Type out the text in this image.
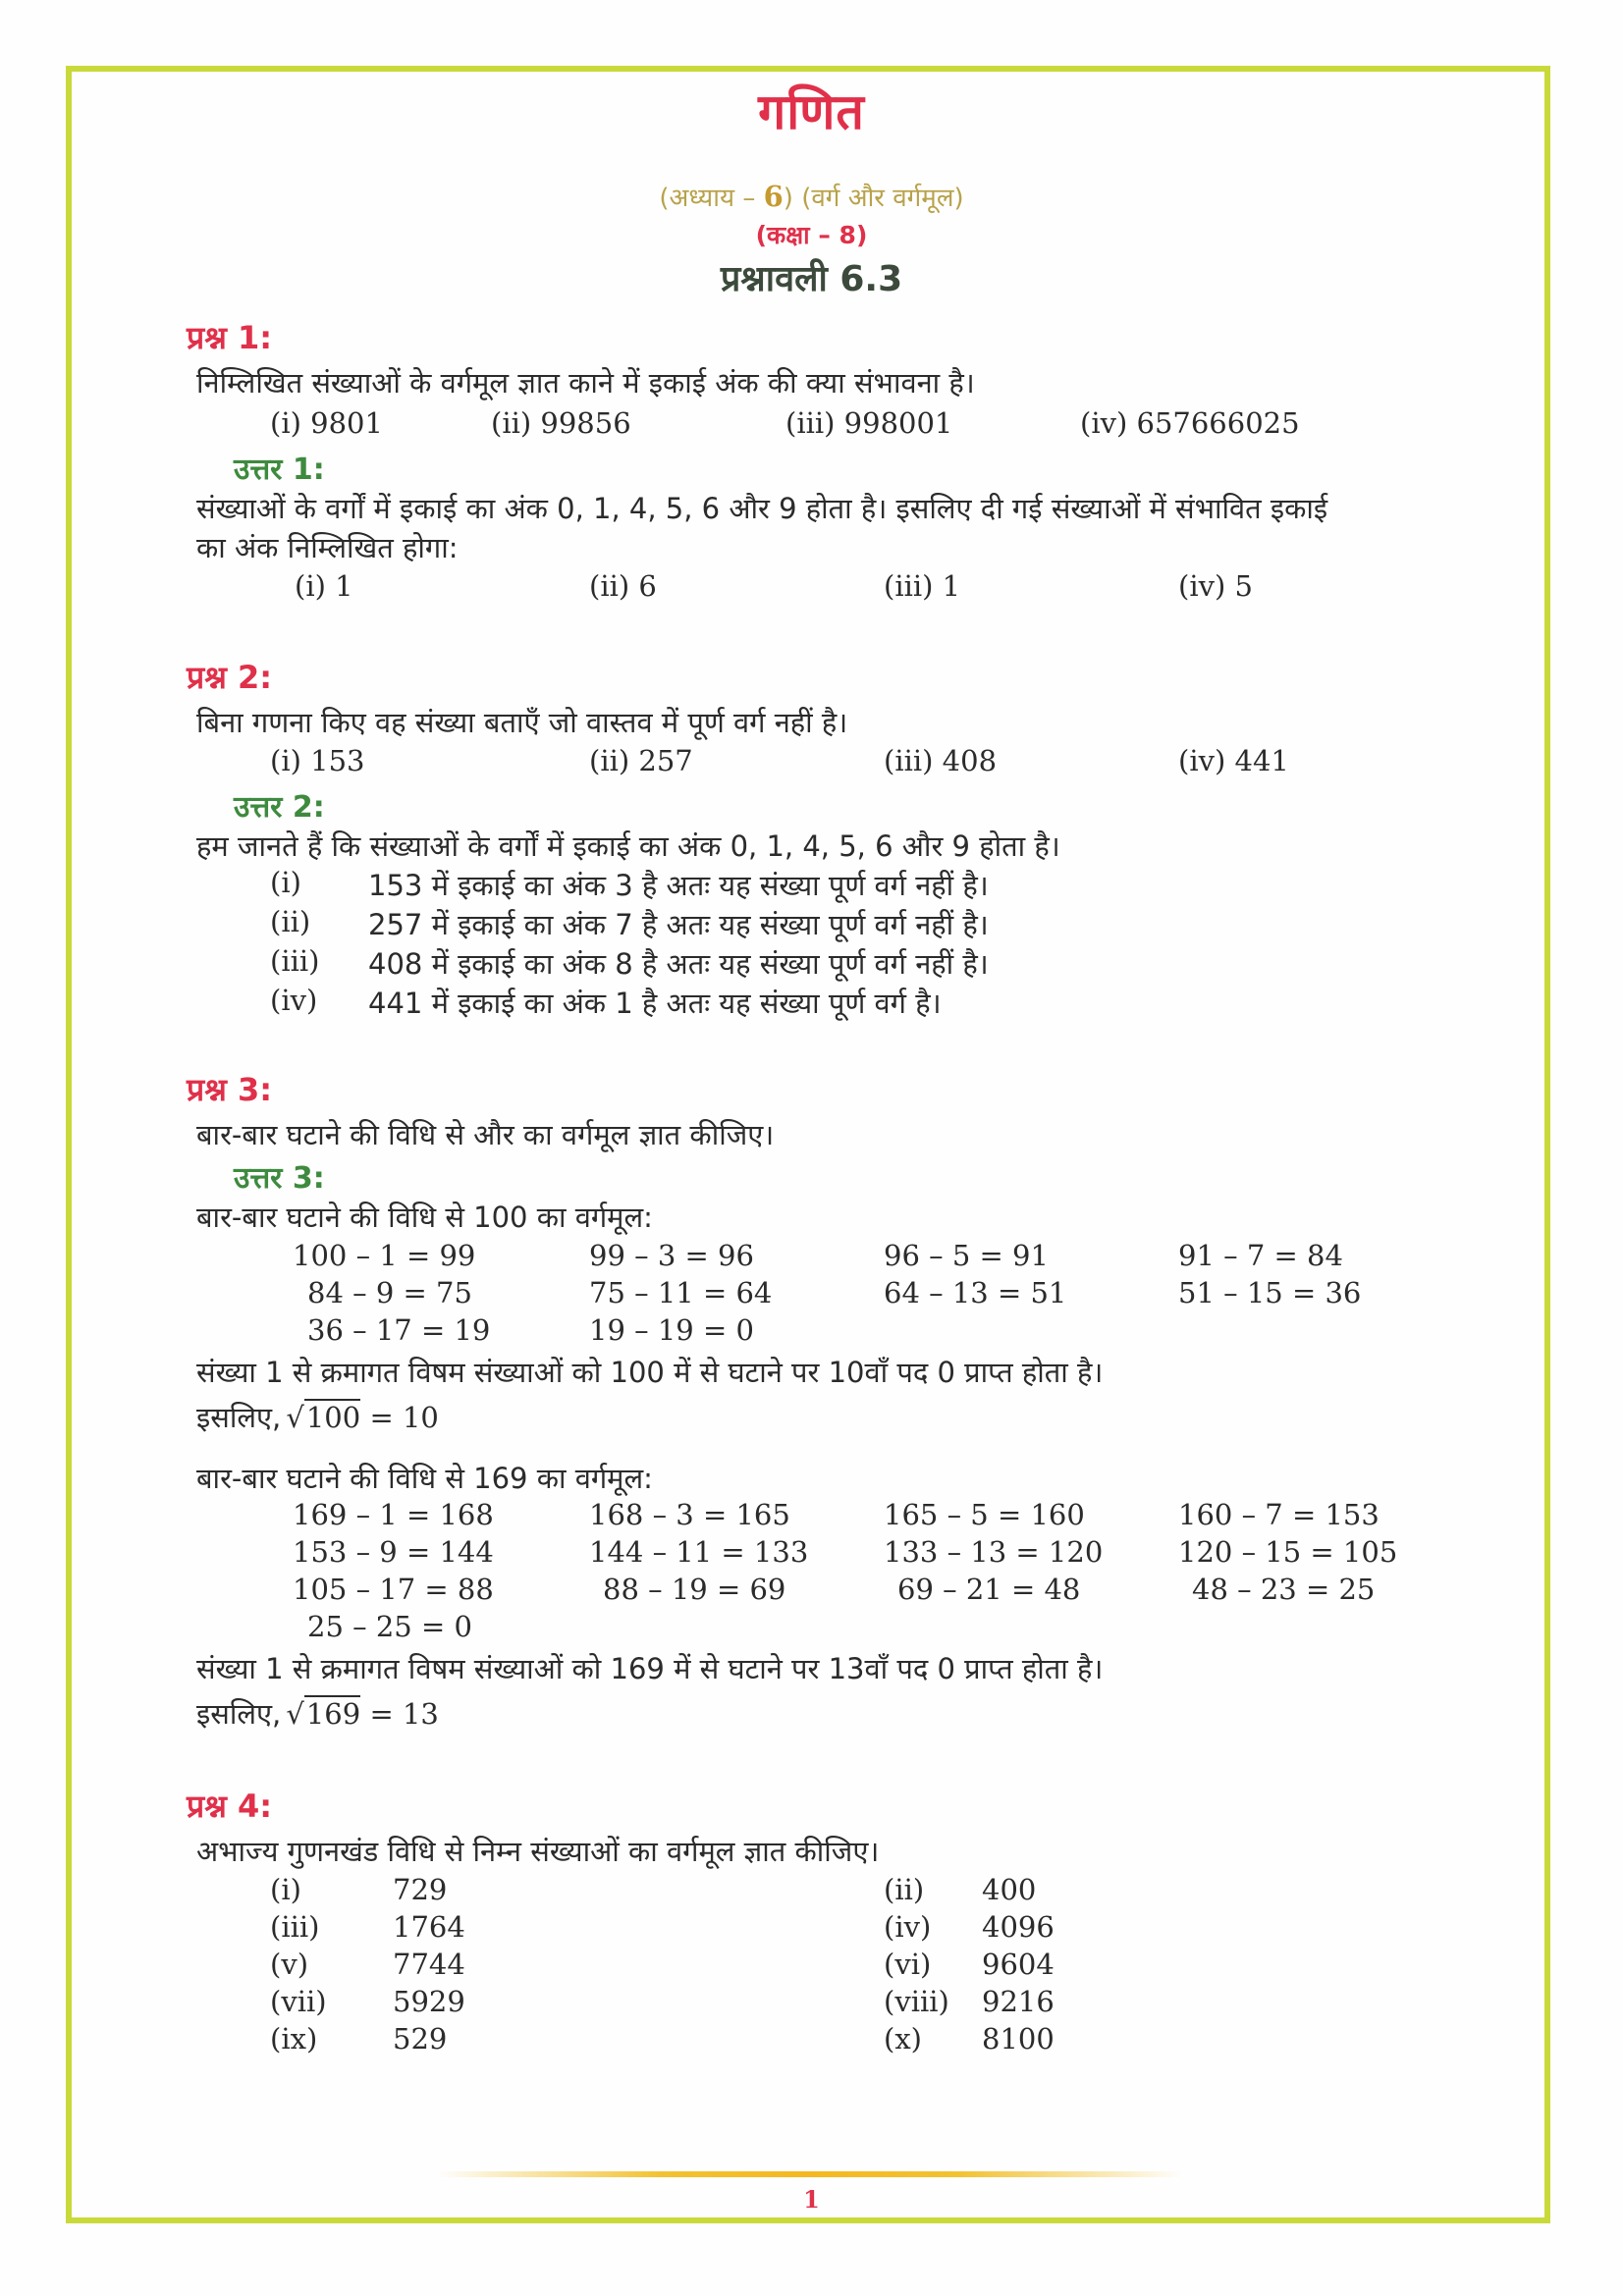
गणित
(अध्याय – 6) (वर्ग और वर्गमूल)
(कक्षा – 8)
प्रश्नावली 6.3
प्रश्न 1:
निम्लिखित संख्याओं के वर्गमूल ज्ञात काने में इकाई अंक की क्या संभावना है।
(i) 9801	(ii) 99856	(iii) 998001	(iv) 657666025
उत्तर 1:
संख्याओं के वर्गों में इकाई का अंक 0, 1, 4, 5, 6 और 9 होता है। इसलिए दी गई संख्याओं में संभावित इकाई
का अंक निम्लिखित होगा:
(i) 1	(ii) 6	(iii) 1	(iv) 5
प्रश्न 2:
बिना गणना किए वह संख्या बताएँ जो वास्तव में पूर्ण वर्ग नहीं है।
(i) 153	(ii) 257	(iii) 408	(iv) 441
उत्तर 2:
हम जानते हैं कि संख्याओं के वर्गों में इकाई का अंक 0, 1, 4, 5, 6 और 9 होता है।
(i) 153 में इकाई का अंक 3 है अतः यह संख्या पूर्ण वर्ग नहीं है।
(ii) 257 में इकाई का अंक 7 है अतः यह संख्या पूर्ण वर्ग नहीं है।
(iii) 408 में इकाई का अंक 8 है अतः यह संख्या पूर्ण वर्ग नहीं है।
(iv) 441 में इकाई का अंक 1 है अतः यह संख्या पूर्ण वर्ग है।
प्रश्न 3:
बार-बार घटाने की विधि से और का वर्गमूल ज्ञात कीजिए।
उत्तर 3:
बार-बार घटाने की विधि से 100 का वर्गमूल:
100 – 1 = 99	99 – 3 = 96	96 – 5 = 91	91 – 7 = 84
84 – 9 = 75	75 – 11 = 64	64 – 13 = 51	51 – 15 = 36
36 – 17 = 19	19 – 19 = 0
संख्या 1 से क्रमागत विषम संख्याओं को 100 में से घटाने पर 10वाँ पद 0 प्राप्त होता है।
इसलिए, √100 = 10
बार-बार घटाने की विधि से 169 का वर्गमूल:
169 – 1 = 168	168 – 3 = 165	165 – 5 = 160	160 – 7 = 153
153 – 9 = 144	144 – 11 = 133	133 – 13 = 120	120 – 15 = 105
105 – 17 = 88	88 – 19 = 69	69 – 21 = 48	48 – 23 = 25
25 – 25 = 0
संख्या 1 से क्रमागत विषम संख्याओं को 169 में से घटाने पर 13वाँ पद 0 प्राप्त होता है।
इसलिए, √169 = 13
प्रश्न 4:
अभाज्य गुणनखंड विधि से निम्न संख्याओं का वर्गमूल ज्ञात कीजिए।
(i)	729	(ii) 400
(iii)	1764	(iv) 4096
(v)	7744	(vi) 9604
(vii) 5929	(viii) 9216
(ix)	529	(x) 8100
1
